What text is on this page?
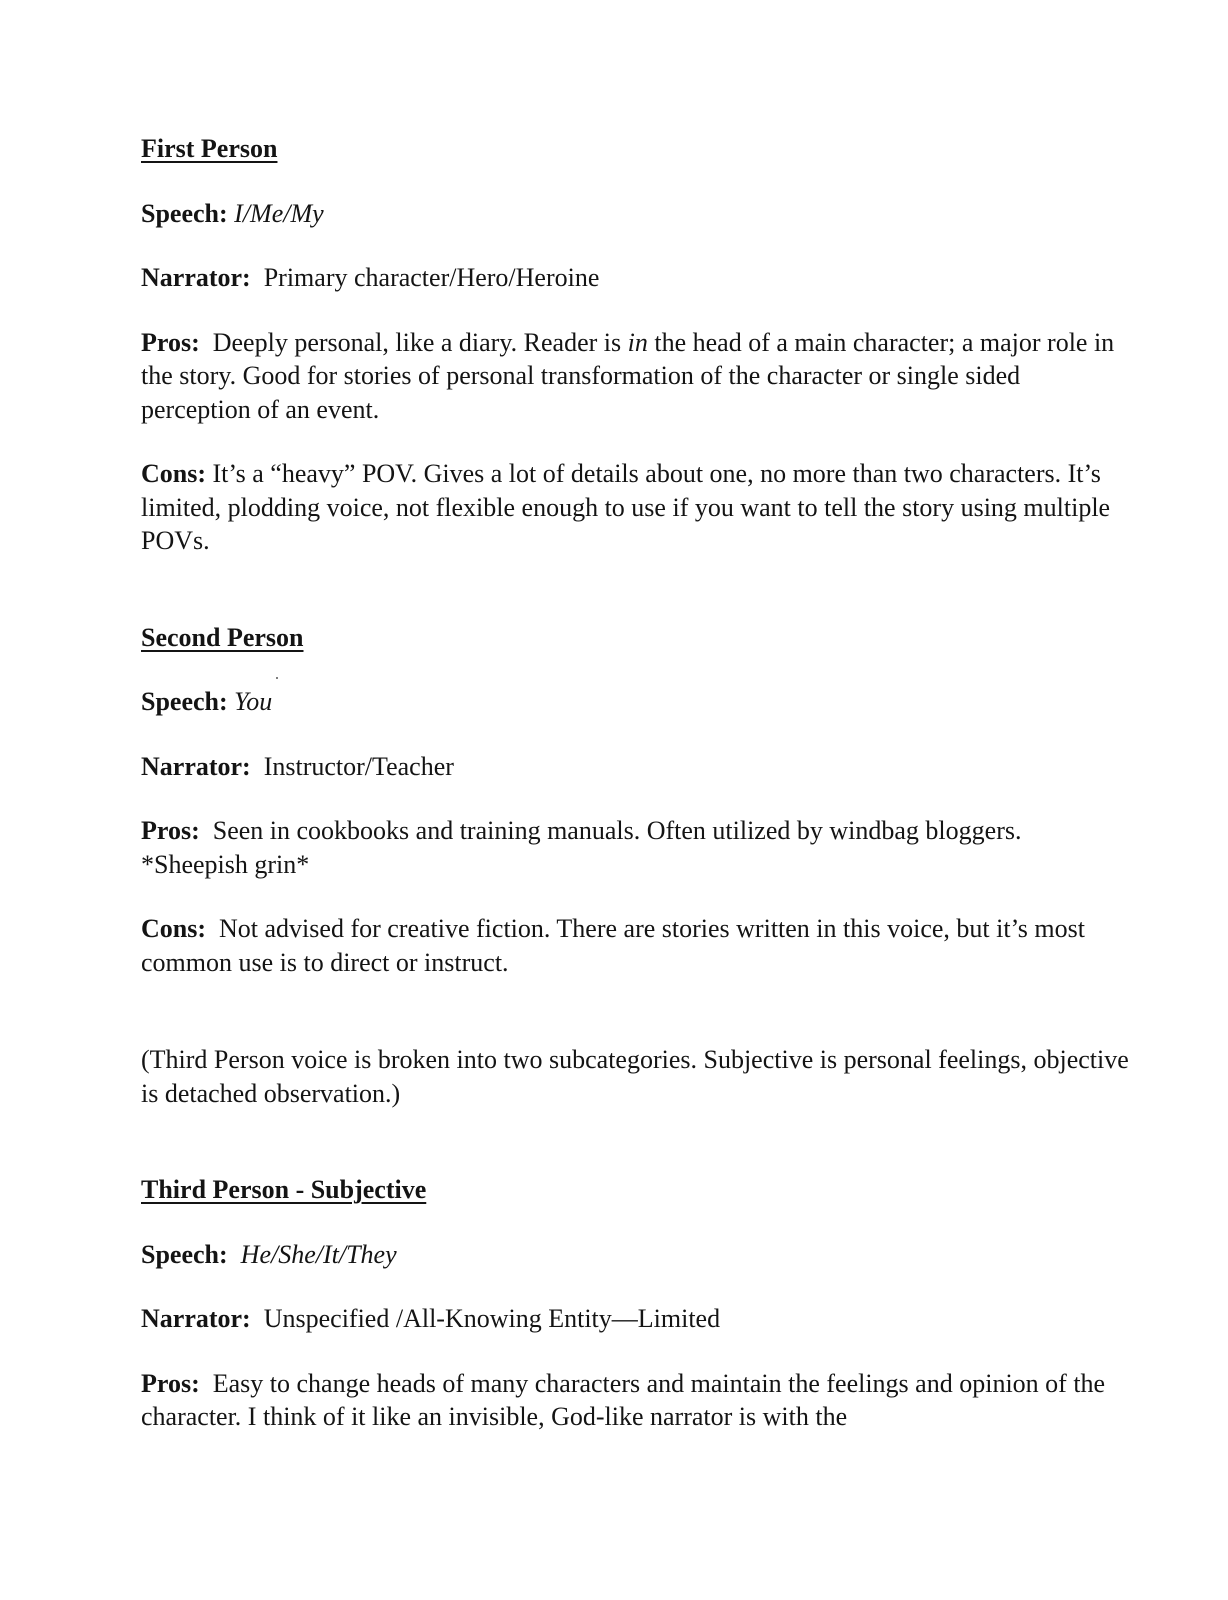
First Person

Speech: I/Me/My

Narrator: Primary character/Hero/Heroine

Pros: Deeply personal, like a diary. Reader is in the head of a main character; a major role in the story. Good for stories of personal transformation of the character or single sided perception of an event.

Cons: It’s a “heavy” POV. Gives a lot of details about one, no more than two characters. It’s limited, plodding voice, not flexible enough to use if you want to tell the story using multiple POVs.

Second Person

Speech: You

Narrator: Instructor/Teacher

Pros: Seen in cookbooks and training manuals. Often utilized by windbag bloggers. *Sheepish grin*

Cons: Not advised for creative fiction. There are stories written in this voice, but it’s most common use is to direct or instruct.

(Third Person voice is broken into two subcategories. Subjective is personal feelings, objective is detached observation.)

Third Person - Subjective

Speech: He/She/It/They

Narrator: Unspecified /All-Knowing Entity—Limited

Pros: Easy to change heads of many characters and maintain the feelings and opinion of the character. I think of it like an invisible, God-like narrator is with the
